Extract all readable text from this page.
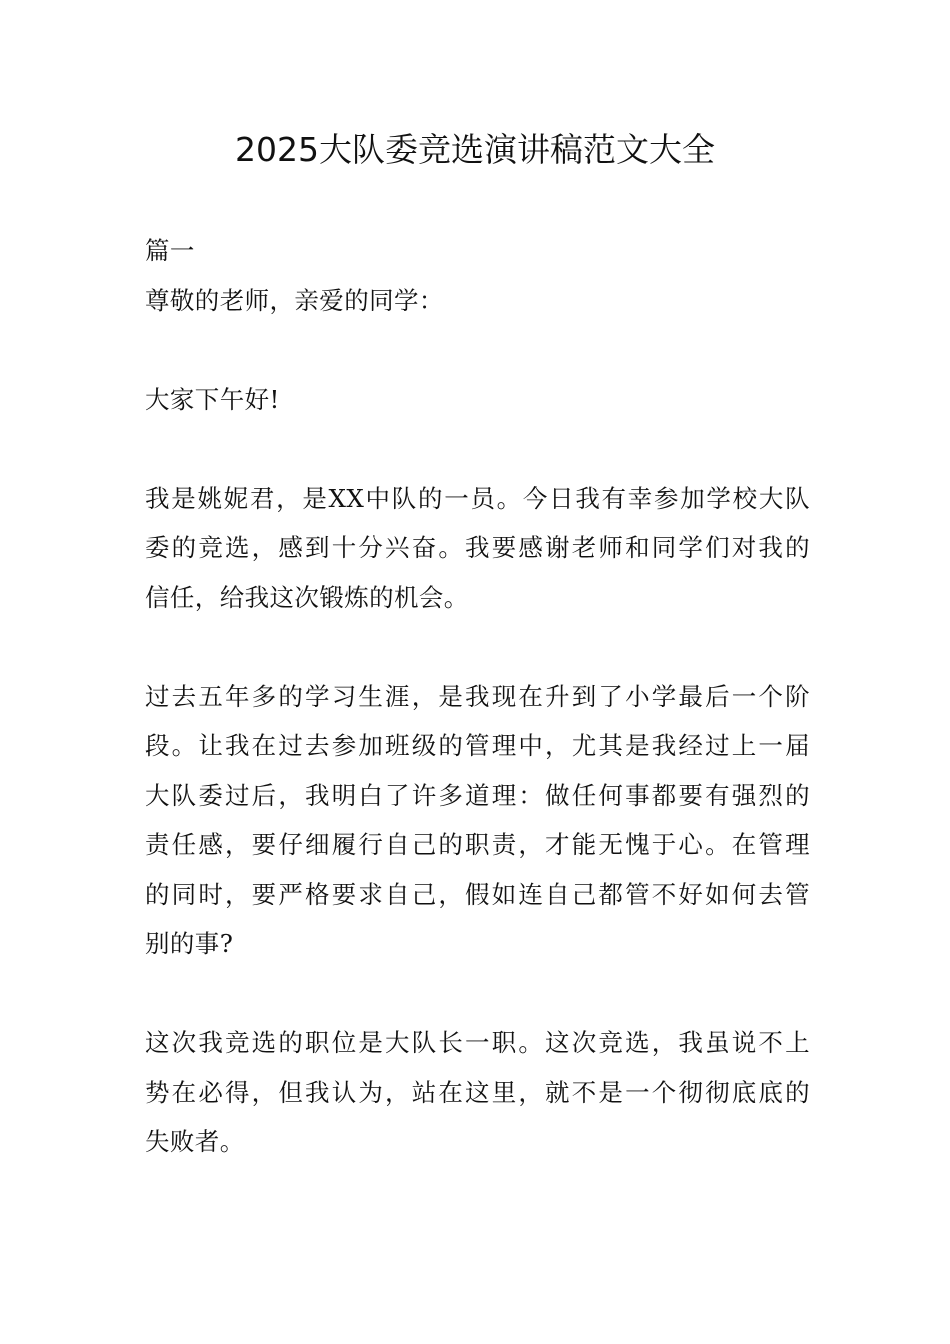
2025大队委竞选演讲稿范文大全
篇一
尊敬的老师，亲爱的同学：
大家下午好!
我是姚妮君，是XX中队的一员。今日我有幸参加学校大队
委的竞选，感到十分兴奋。我要感谢老师和同学们对我的
信任，给我这次锻炼的机会。
过去五年多的学习生涯，是我现在升到了小学最后一个阶
段。让我在过去参加班级的管理中，尤其是我经过上一届
大队委过后，我明白了许多道理：做任何事都要有强烈的
责任感，要仔细履行自己的职责，才能无愧于心。在管理
的同时，要严格要求自己，假如连自己都管不好如何去管
别的事?
这次我竞选的职位是大队长一职。这次竞选，我虽说不上
势在必得，但我认为，站在这里，就不是一个彻彻底底的
失败者。
